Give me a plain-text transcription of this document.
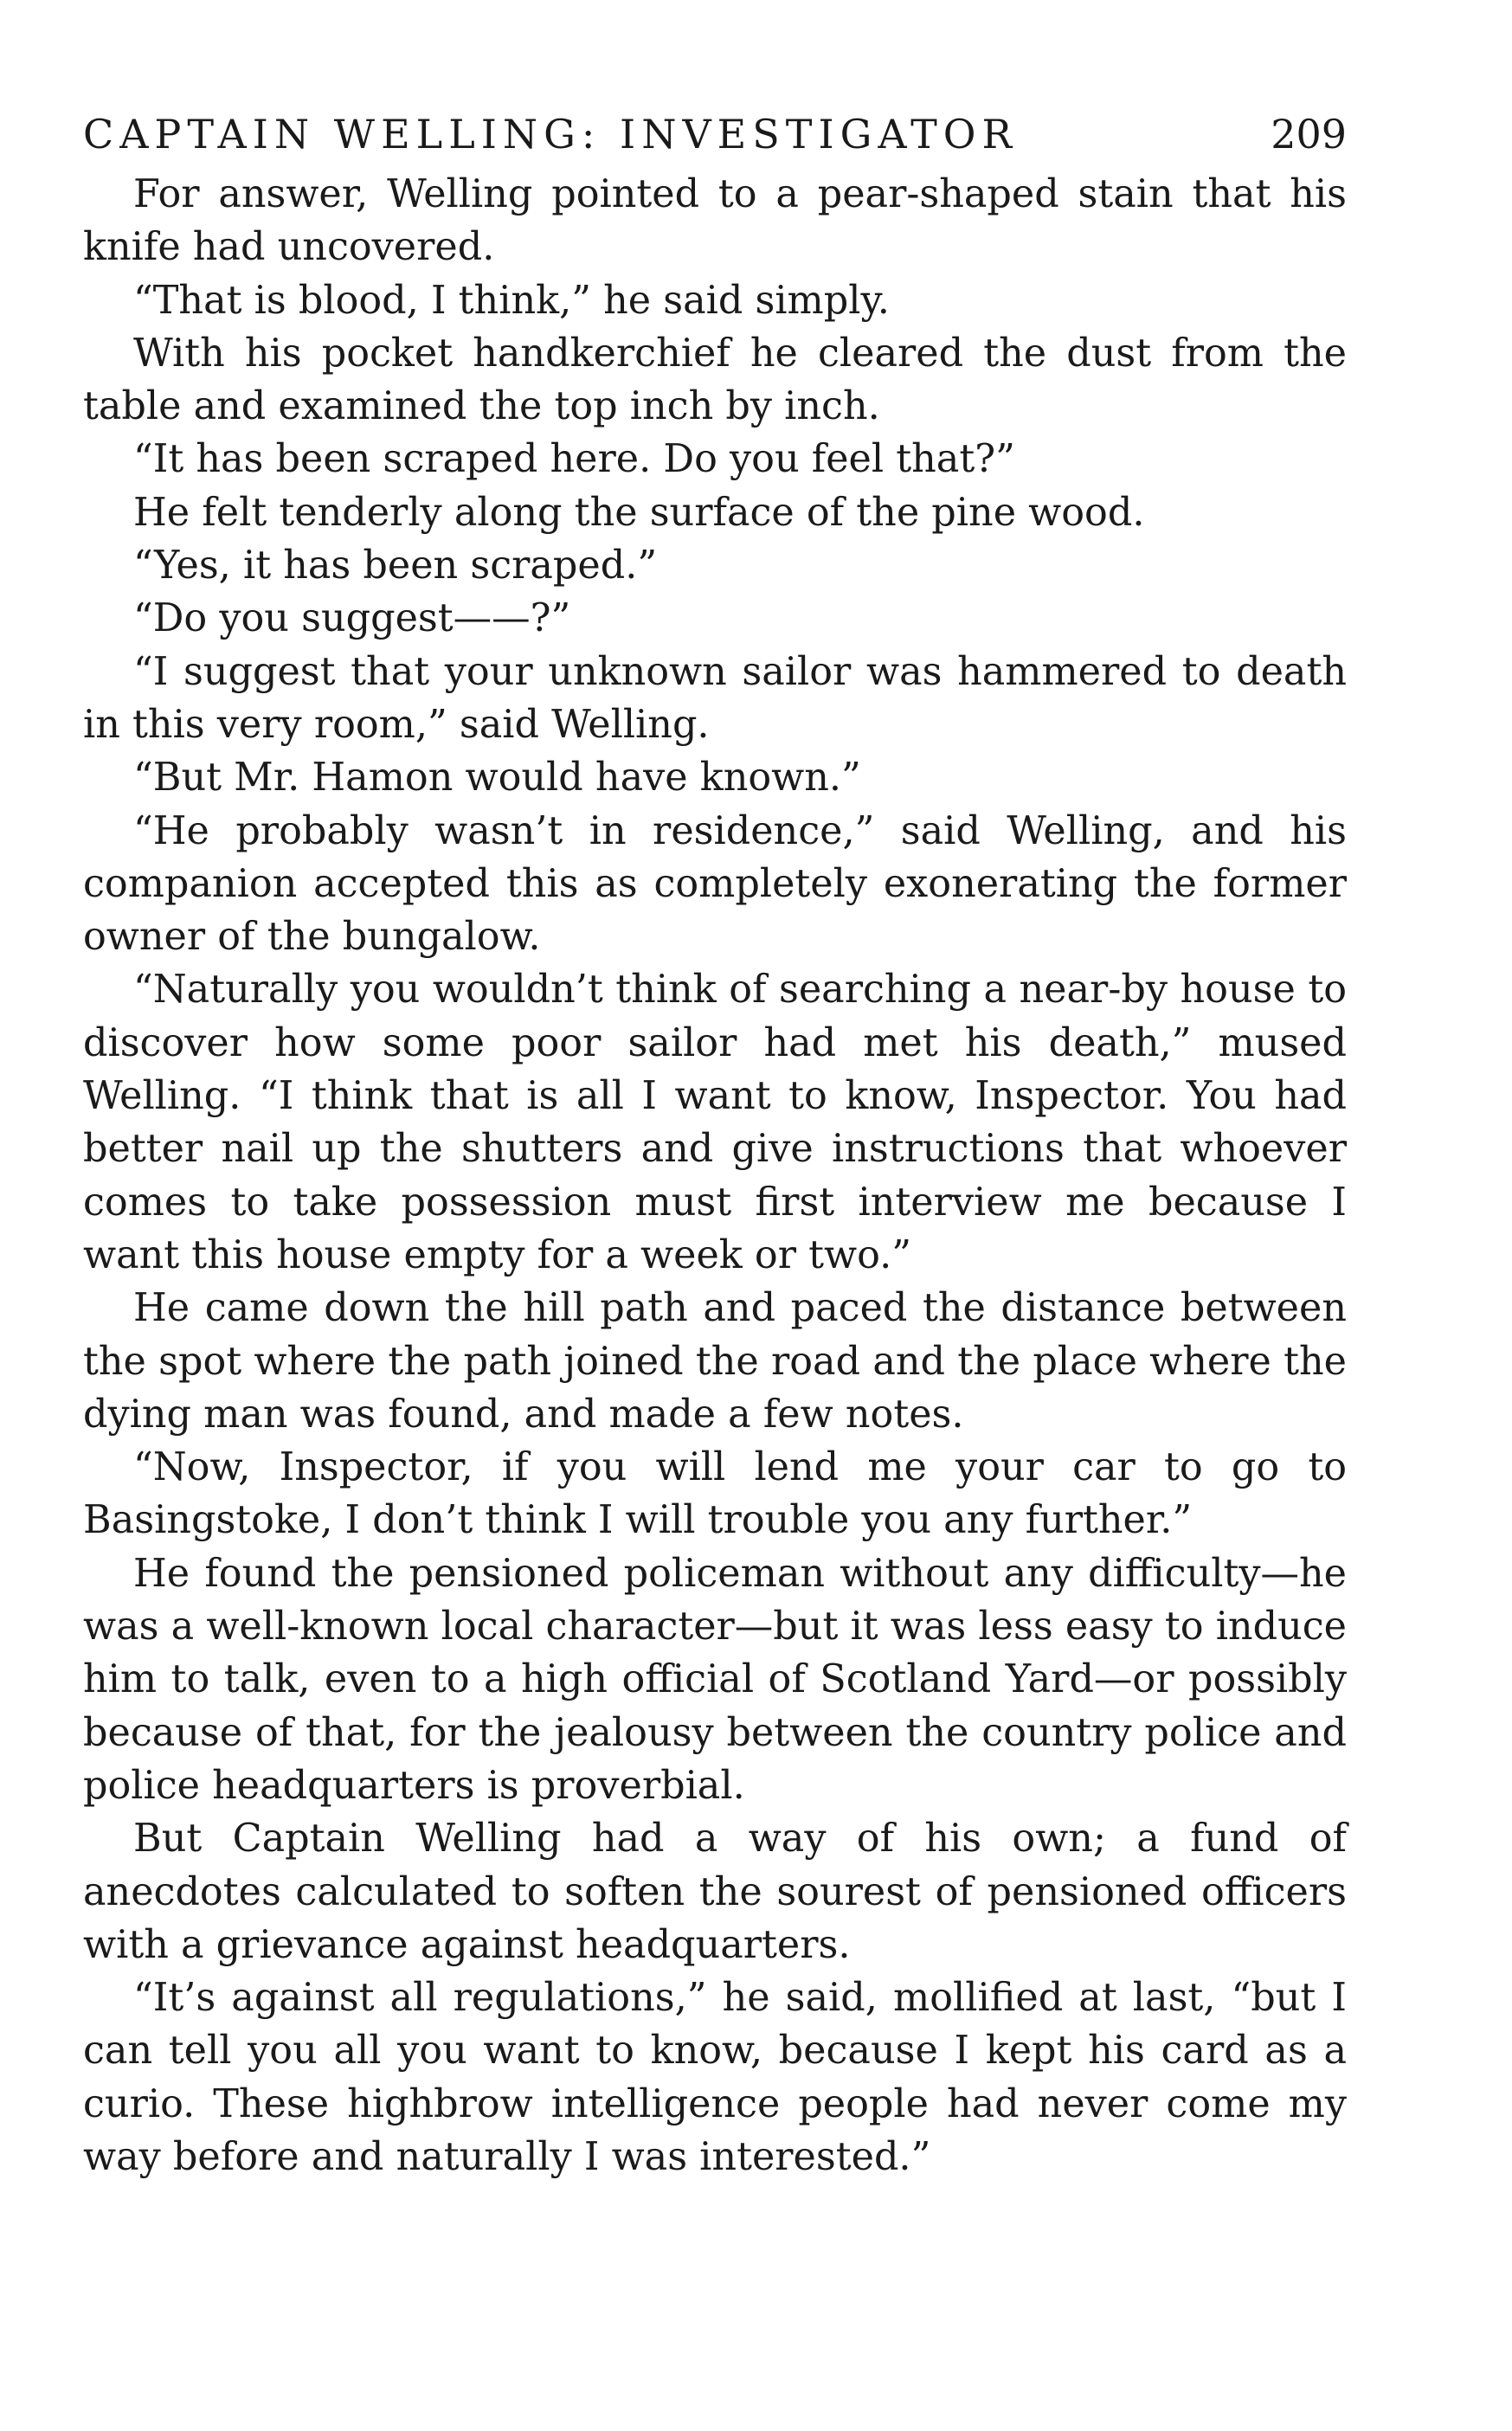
CAPTAIN WELLING: INVESTIGATOR	209

For answer, Welling pointed to a pear-shaped stain that his knife had uncovered.

“That is blood, I think,” he said simply.

With his pocket handkerchief he cleared the dust from the table and examined the top inch by inch.

“It has been scraped here. Do you feel that?”

He felt tenderly along the surface of the pine wood.

“Yes, it has been scraped.”

“Do you suggest——?”

“I suggest that your unknown sailor was hammered to death in this very room,” said Welling.

“But Mr. Hamon would have known.”

“He probably wasn’t in residence,” said Welling, and his companion accepted this as completely exonerating the former owner of the bungalow.

“Naturally you wouldn’t think of searching a near-by house to discover how some poor sailor had met his death,” mused Welling. “I think that is all I want to know, Inspector. You had better nail up the shutters and give instructions that whoever comes to take possession must first interview me because I want this house empty for a week or two.”

He came down the hill path and paced the distance between the spot where the path joined the road and the place where the dying man was found, and made a few notes.

“Now, Inspector, if you will lend me your car to go to Basingstoke, I don’t think I will trouble you any further.”

He found the pensioned policeman without any difficulty—he was a well-known local character—but it was less easy to induce him to talk, even to a high official of Scotland Yard—or possibly because of that, for the jealousy between the country police and police headquarters is proverbial.

But Captain Welling had a way of his own; a fund of anecdotes calculated to soften the sourest of pensioned officers with a grievance against headquarters.

“It’s against all regulations,” he said, mollified at last, “but I can tell you all you want to know, because I kept his card as a curio. These highbrow intelligence people had never come my way before and naturally I was interested.”
